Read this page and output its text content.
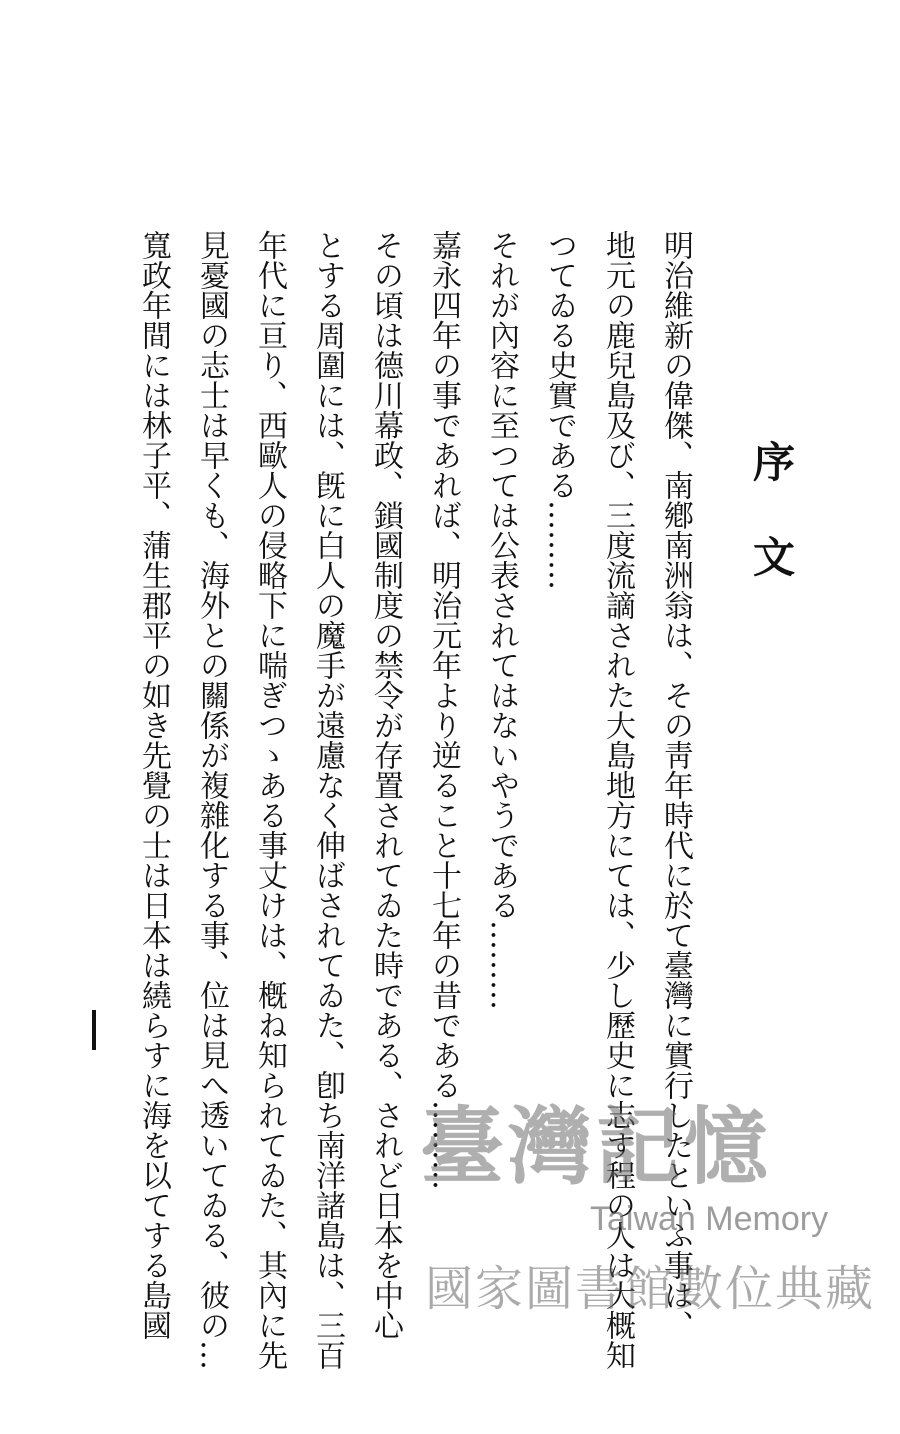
序
文
明治維新の偉傑、南鄕南洲翁は、その靑年時代に於て臺灣に實行したといふ事は、
地元の鹿兒島及び、三度流謫された大島地方にては、少し歷史に志す程の人は大概知
つてゐる史實である………
それが內容に至つては公表されてはないやうである………
嘉永四年の事であれば、明治元年より逆ること十七年の昔である………
その頃は德川幕政、鎖國制度の禁令が存置されてゐた時である、されど日本を中心
とする周圍には、旣に白人の魔手が遠慮なく伸ばされてゐた、卽ち南洋諸島は、三百
年代に亘り、西歐人の侵略下に喘ぎつゝある事丈けは、槪ね知られてゐた、其內に先
見憂國の志士は早くも、海外との關係が複雜化する事、位は見へ透いてゐる、彼の…
寬政年間には林子平、蒲生郡平の如き先覺の士は日本は繞らすに海を以てする島國	臺灣記憶
Taiwan Memory
國家圖書館數位典藏
